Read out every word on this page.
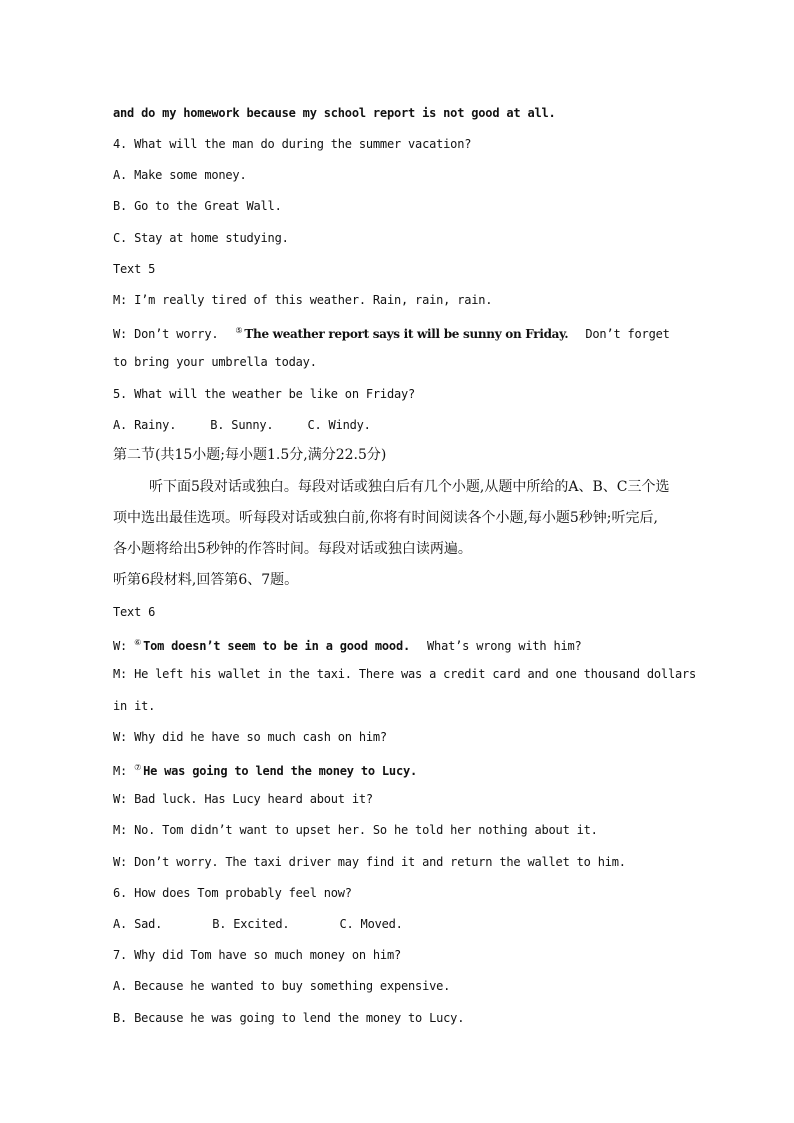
and do my homework because my school report is not good at all.
4. What will the man do during the summer vacation?
A. Make some money.
B. Go to the Great Wall.
C. Stay at home studying.
Text 5
M: I’m really tired of this weather. Rain, rain, rain.
W: Don’t worry. ⑤ The weather report says it will be sunny on Friday. Don’t forget
to bring your umbrella today.
5. What will the weather be like on Friday?
A. Rainy.	B. Sunny.	C. Windy.
第二节(共15小题;每小题1.5分,满分22.5分)
听下面5段对话或独白。每段对话或独白后有几个小题,从题中所给的A、B、C三个选
项中选出最佳选项。听每段对话或独白前,你将有时间阅读各个小题,每小题5秒钟;听完后,
各小题将给出5秒钟的作答时间。每段对话或独白读两遍。
听第6段材料,回答第6、7题。
Text 6
W: ⑥ Tom doesn’t seem to be in a good mood. What’s wrong with him?
M: He left his wallet in the taxi. There was a credit card and one thousand dollars
in it.
W: Why did he have so much cash on him?
M: ⑦ He was going to lend the money to Lucy.
W: Bad luck. Has Lucy heard about it?
M: No. Tom didn’t want to upset her. So he told her nothing about it.
W: Don’t worry. The taxi driver may find it and return the wallet to him.
6. How does Tom probably feel now?
A. Sad.	B. Excited.	C. Moved.
7. Why did Tom have so much money on him?
A. Because he wanted to buy something expensive.
B. Because he was going to lend the money to Lucy.
